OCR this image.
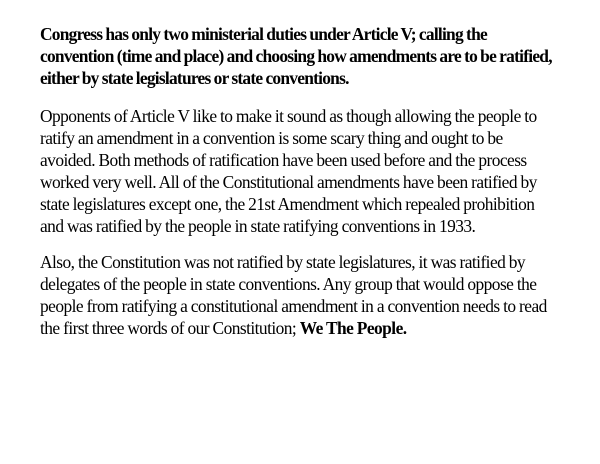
Congress has only two ministerial duties under Article V; calling the
convention (time and place) and choosing how amendments are to be ratified,
either by state legislatures or state conventions.

Opponents of Article V like to make it sound as though allowing the people to
ratify an amendment in a convention is some scary thing and ought to be
avoided. Both methods of ratification have been used before and the process
worked very well. All of the Constitutional amendments have been ratified by
state legislatures except one, the 21st Amendment which repealed prohibition
and was ratified by the people in state ratifying conventions in 1933.

Also, the Constitution was not ratified by state legislatures, it was ratified by
delegates of the people in state conventions. Any group that would oppose the
people from ratifying a constitutional amendment in a convention needs to read
the first three words of our Constitution; We The People.
